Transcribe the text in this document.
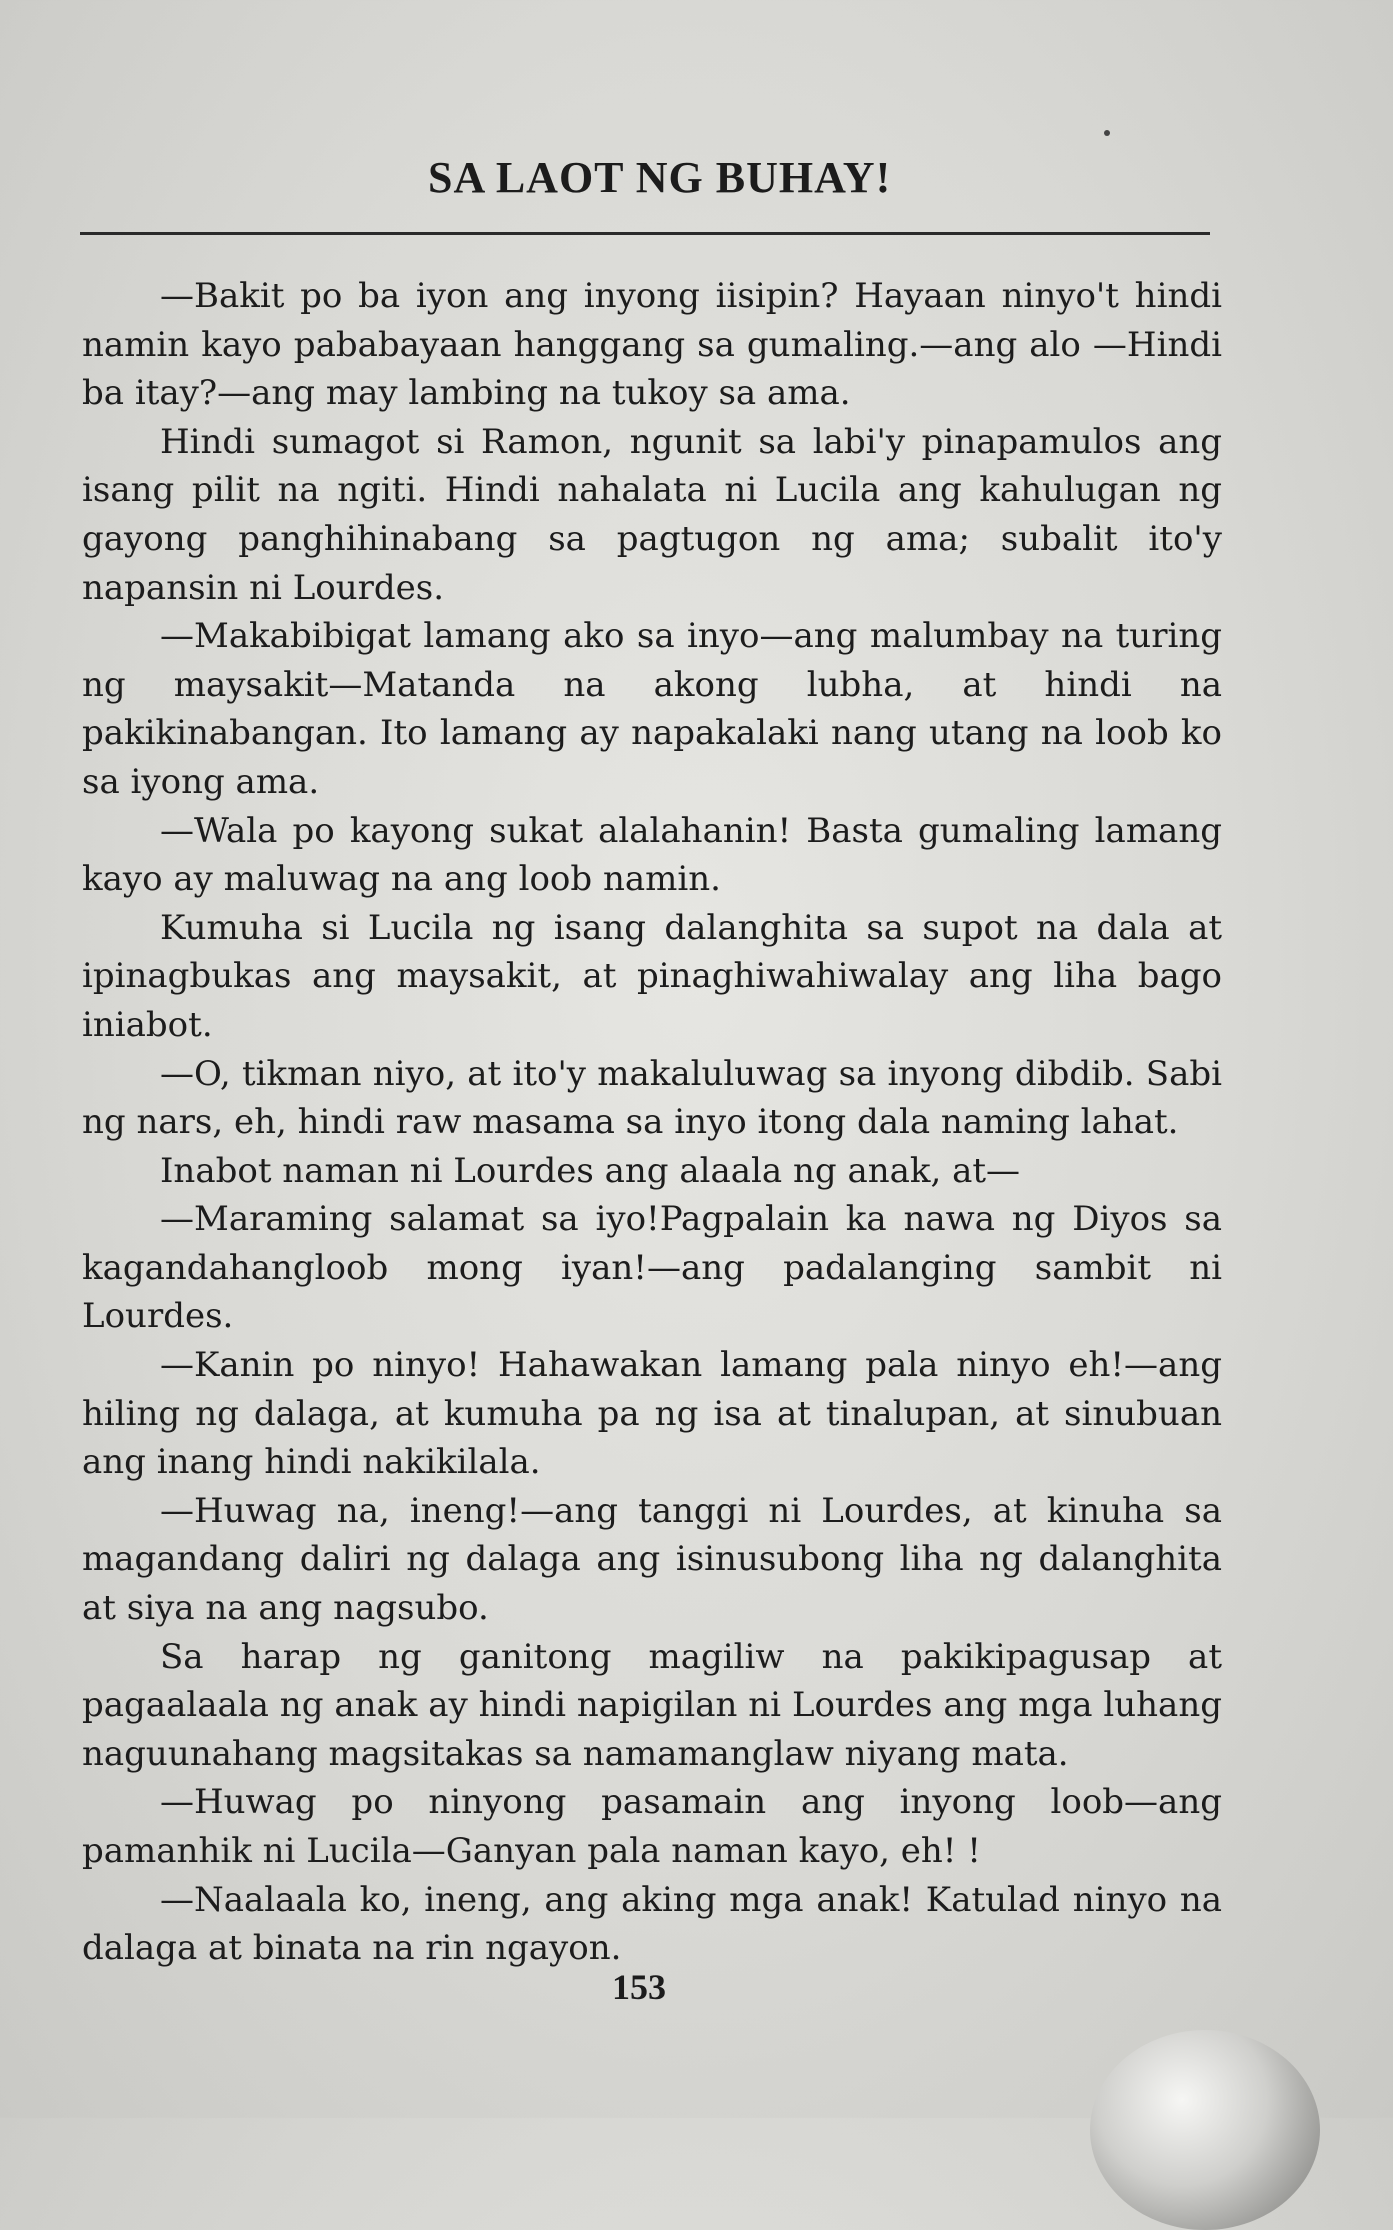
SA LAOT NG BUHAY!

—Bakit po ba iyon ang inyong iisipin? Hayaan ninyo't hindi namin kayo pababayaan hanggang sa gumaling.—ang alo —Hindi ba itay?—ang may lambing na tukoy sa ama.

Hindi sumagot si Ramon, ngunit sa labi'y pinapamulos ang isang pilit na ngiti. Hindi nahalata ni Lucila ang kahulugan ng gayong panghihinabang sa pagtugon ng ama; subalit ito'y napansin ni Lourdes.

—Makabibigat lamang ako sa inyo—ang malumbay na turing ng maysakit—Matanda na akong lubha, at hindi na pakikinabangan. Ito lamang ay napakalaki nang utang na loob ko sa iyong ama.

—Wala po kayong sukat alalahanin! Basta gumaling lamang kayo ay maluwag na ang loob namin.

Kumuha si Lucila ng isang dalanghita sa supot na dala at ipinagbukas ang maysakit, at pinaghiwahiwalay ang liha bago iniabot.

—O, tikman niyo, at ito'y makaluluwag sa inyong dibdib. Sabi ng nars, eh, hindi raw masama sa inyo itong dala naming lahat.

Inabot naman ni Lourdes ang alaala ng anak, at—

—Maraming salamat sa iyo!Pagpalain ka nawa ng Diyos sa kagandahangloob mong iyan!—ang padalanging sambit ni Lourdes.

—Kanin po ninyo! Hahawakan lamang pala ninyo eh!—ang hiling ng dalaga, at kumuha pa ng isa at tinalupan, at sinubuan ang inang hindi nakikilala.

—Huwag na, ineng!—ang tanggi ni Lourdes, at kinuha sa magandang daliri ng dalaga ang isinusubong liha ng dalanghita at siya na ang nagsubo.

Sa harap ng ganitong magiliw na pakikipagusap at pagaalaala ng anak ay hindi napigilan ni Lourdes ang mga luhang naguunahang magsitakas sa namamanglaw niyang mata.

—Huwag po ninyong pasamain ang inyong loob—ang pamanhik ni Lucila—Ganyan pala naman kayo, eh! !

—Naalaala ko, ineng, ang aking mga anak! Katulad ninyo na dalaga at binata na rin ngayon.

153
